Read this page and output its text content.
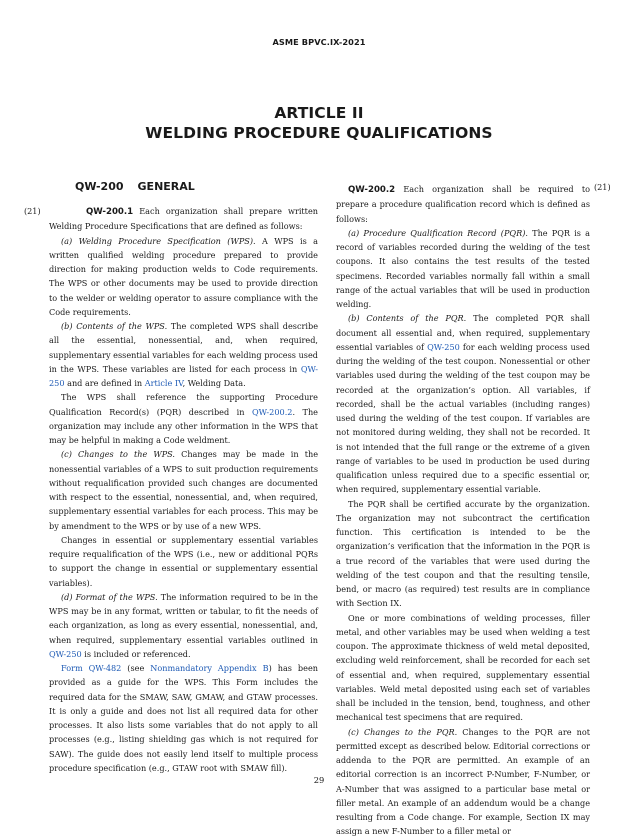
ASME BPVC.IX-2021
ARTICLE II
WELDING PROCEDURE QUALIFICATIONS
QW-200 GENERAL
(21)
(21)

QW-200.1 Each organization shall prepare written Welding Procedure Specifications that are defined as follows:

(a) Welding Procedure Specification (WPS). A WPS is a written qualified welding procedure prepared to provide direction for making production welds to Code requirements. The WPS or other documents may be used to provide direction to the welder or welding operator to assure compliance with the Code requirements.

(b) Contents of the WPS. The completed WPS shall describe all the essential, nonessential, and, when required, supplementary essential variables for each welding process used in the WPS. These variables are listed for each process in QW-250 and are defined in Article IV, Welding Data.

The WPS shall reference the supporting Procedure Qualification Record(s) (PQR) described in QW-200.2. The organization may include any other information in the WPS that may be helpful in making a Code weldment.

(c) Changes to the WPS. Changes may be made in the nonessential variables of a WPS to suit production requirements without requalification provided such changes are documented with respect to the essential, nonessential, and, when required, supplementary essential variables for each process. This may be by amendment to the WPS or by use of a new WPS.

Changes in essential or supplementary essential variables require requalification of the WPS (i.e., new or additional PQRs to support the change in essential or supplementary essential variables).

(d) Format of the WPS. The information required to be in the WPS may be in any format, written or tabular, to fit the needs of each organization, as long as every essential, nonessential, and, when required, supplementary essential variables outlined in QW-250 is included or referenced.

Form QW-482 (see Nonmandatory Appendix B) has been provided as a guide for the WPS. This Form includes the required data for the SMAW, SAW, GMAW, and GTAW processes. It is only a guide and does not list all required data for other processes. It also lists some variables that do not apply to all processes (e.g., listing shielding gas which is not required for SAW). The guide does not easily lend itself to multiple process procedure specification (e.g., GTAW root with SMAW fill).

QW-200.2 Each organization shall be required to prepare a procedure qualification record which is defined as follows:

(a) Procedure Qualification Record (PQR). The PQR is a record of variables recorded during the welding of the test coupons. It also contains the test results of the tested specimens. Recorded variables normally fall within a small range of the actual variables that will be used in production welding.

(b) Contents of the PQR. The completed PQR shall document all essential and, when required, supplementary essential variables of QW-250 for each welding process used during the welding of the test coupon. Nonessential or other variables used during the welding of the test coupon may be recorded at the organization’s option. All variables, if recorded, shall be the actual variables (including ranges) used during the welding of the test coupon. If variables are not monitored during welding, they shall not be recorded. It is not intended that the full range or the extreme of a given range of variables to be used in production be used during qualification unless required due to a specific essential or, when required, supplementary essential variable.

The PQR shall be certified accurate by the organization. The organization may not subcontract the certification function. This certification is intended to be the organization’s verification that the information in the PQR is a true record of the variables that were used during the welding of the test coupon and that the resulting tensile, bend, or macro (as required) test results are in compliance with Section IX.

One or more combinations of welding processes, filler metal, and other variables may be used when welding a test coupon. The approximate thickness of weld metal deposited, excluding weld reinforcement, shall be recorded for each set of essential and, when required, supplementary essential variables. Weld metal deposited using each set of variables shall be included in the tension, bend, toughness, and other mechanical test specimens that are required.

(c) Changes to the PQR. Changes to the PQR are not permitted except as described below. Editorial corrections or addenda to the PQR are permitted. An example of an editorial correction is an incorrect P-Number, F-Number, or A-Number that was assigned to a particular base metal or filler metal. An example of an addendum would be a change resulting from a Code change. For example, Section IX may assign a new F-Number to a filler metal or

29
